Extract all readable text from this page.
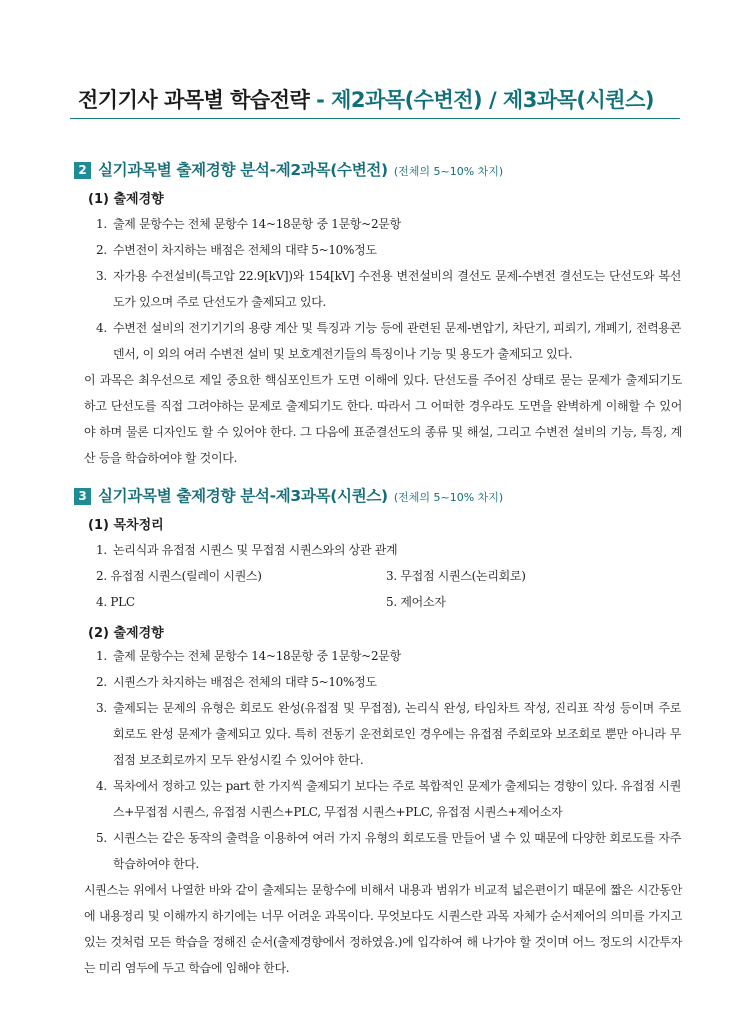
전기기사 과목별 학습전략 - 제2과목(수변전) / 제3과목(시퀀스)
2 실기과목별 출제경향 분석-제2과목(수변전) (전체의 5~10% 차지)
(1) 출제경향
1. 출제 문항수는 전체 문항수 14~18문항 중 1문항~2문항
2. 수변전이 차지하는 배점은 전체의 대략 5~10%정도
3. 자가용 수전설비(특고압 22.9[kV])와 154[kV] 수전용 변전설비의 결선도 문제-수변전 결선도는 단선도와 복선도가 있으며 주로 단선도가 출제되고 있다.
4. 수변전 설비의 전기기기의 용량 계산 및 특징과 기능 등에 관련된 문제-변압기, 차단기, 피뢰기, 개폐기, 전력용콘덴서, 이 외의 여러 수변전 설비 및 보호계전기들의 특징이나 기능 및 용도가 출제되고 있다.
이 과목은 최우선으로 제일 중요한 핵심포인트가 도면 이해에 있다. 단선도를 주어진 상태로 묻는 문제가 출제되기도 하고 단선도를 직접 그려야하는 문제로 출제되기도 한다. 따라서 그 어떠한 경우라도 도면을 완벽하게 이해할 수 있어야 하며 물론 디자인도 할 수 있어야 한다. 그 다음에 표준결선도의 종류 및 해설, 그리고 수변전 설비의 기능, 특징, 계산 등을 학습하여야 할 것이다.
3 실기과목별 출제경향 분석-제3과목(시퀀스) (전체의 5~10% 차지)
(1) 목차정리
1. 논리식과 유접점 시퀀스 및 무접점 시퀀스와의 상관 관계
2. 유접점 시퀀스(릴레이 시퀀스)	3. 무접점 시퀀스(논리회로)
4. PLC	5. 제어소자
(2) 출제경향
1. 출제 문항수는 전체 문항수 14~18문항 중 1문항~2문항
2. 시퀀스가 차지하는 배점은 전체의 대략 5~10%정도
3. 출제되는 문제의 유형은 회로도 완성(유접점 및 무접점), 논리식 완성, 타임차트 작성, 진리표 작성 등이며 주로 회로도 완성 문제가 출제되고 있다. 특히 전동기 운전회로인 경우에는 유접점 주회로와 보조회로 뿐만 아니라 무접점 보조회로까지 모두 완성시킬 수 있어야 한다.
4. 목차에서 정하고 있는 part 한 가지씩 출제되기 보다는 주로 복합적인 문제가 출제되는 경향이 있다. 유접점 시퀀스+무접점 시퀀스, 유접점 시퀀스+PLC, 무접점 시퀀스+PLC, 유접점 시퀀스+제어소자
5. 시퀀스는 같은 동작의 출력을 이용하여 여러 가지 유형의 회로도를 만들어 낼 수 있 때문에 다양한 회로도를 자주 학습하여야 한다.
시퀀스는 위에서 나열한 바와 같이 출제되는 문항수에 비해서 내용과 범위가 비교적 넓은편이기 때문에 짧은 시간동안에 내용정리 및 이해까지 하기에는 너무 어려운 과목이다. 무엇보다도 시퀀스란 과목 자체가 순서제어의 의미를 가지고 있는 것처럼 모든 학습을 정해진 순서(출제경향에서 정하였음.)에 입각하여 해 나가야 할 것이며 어느 정도의 시간투자는 미리 염두에 두고 학습에 임해야 한다.
